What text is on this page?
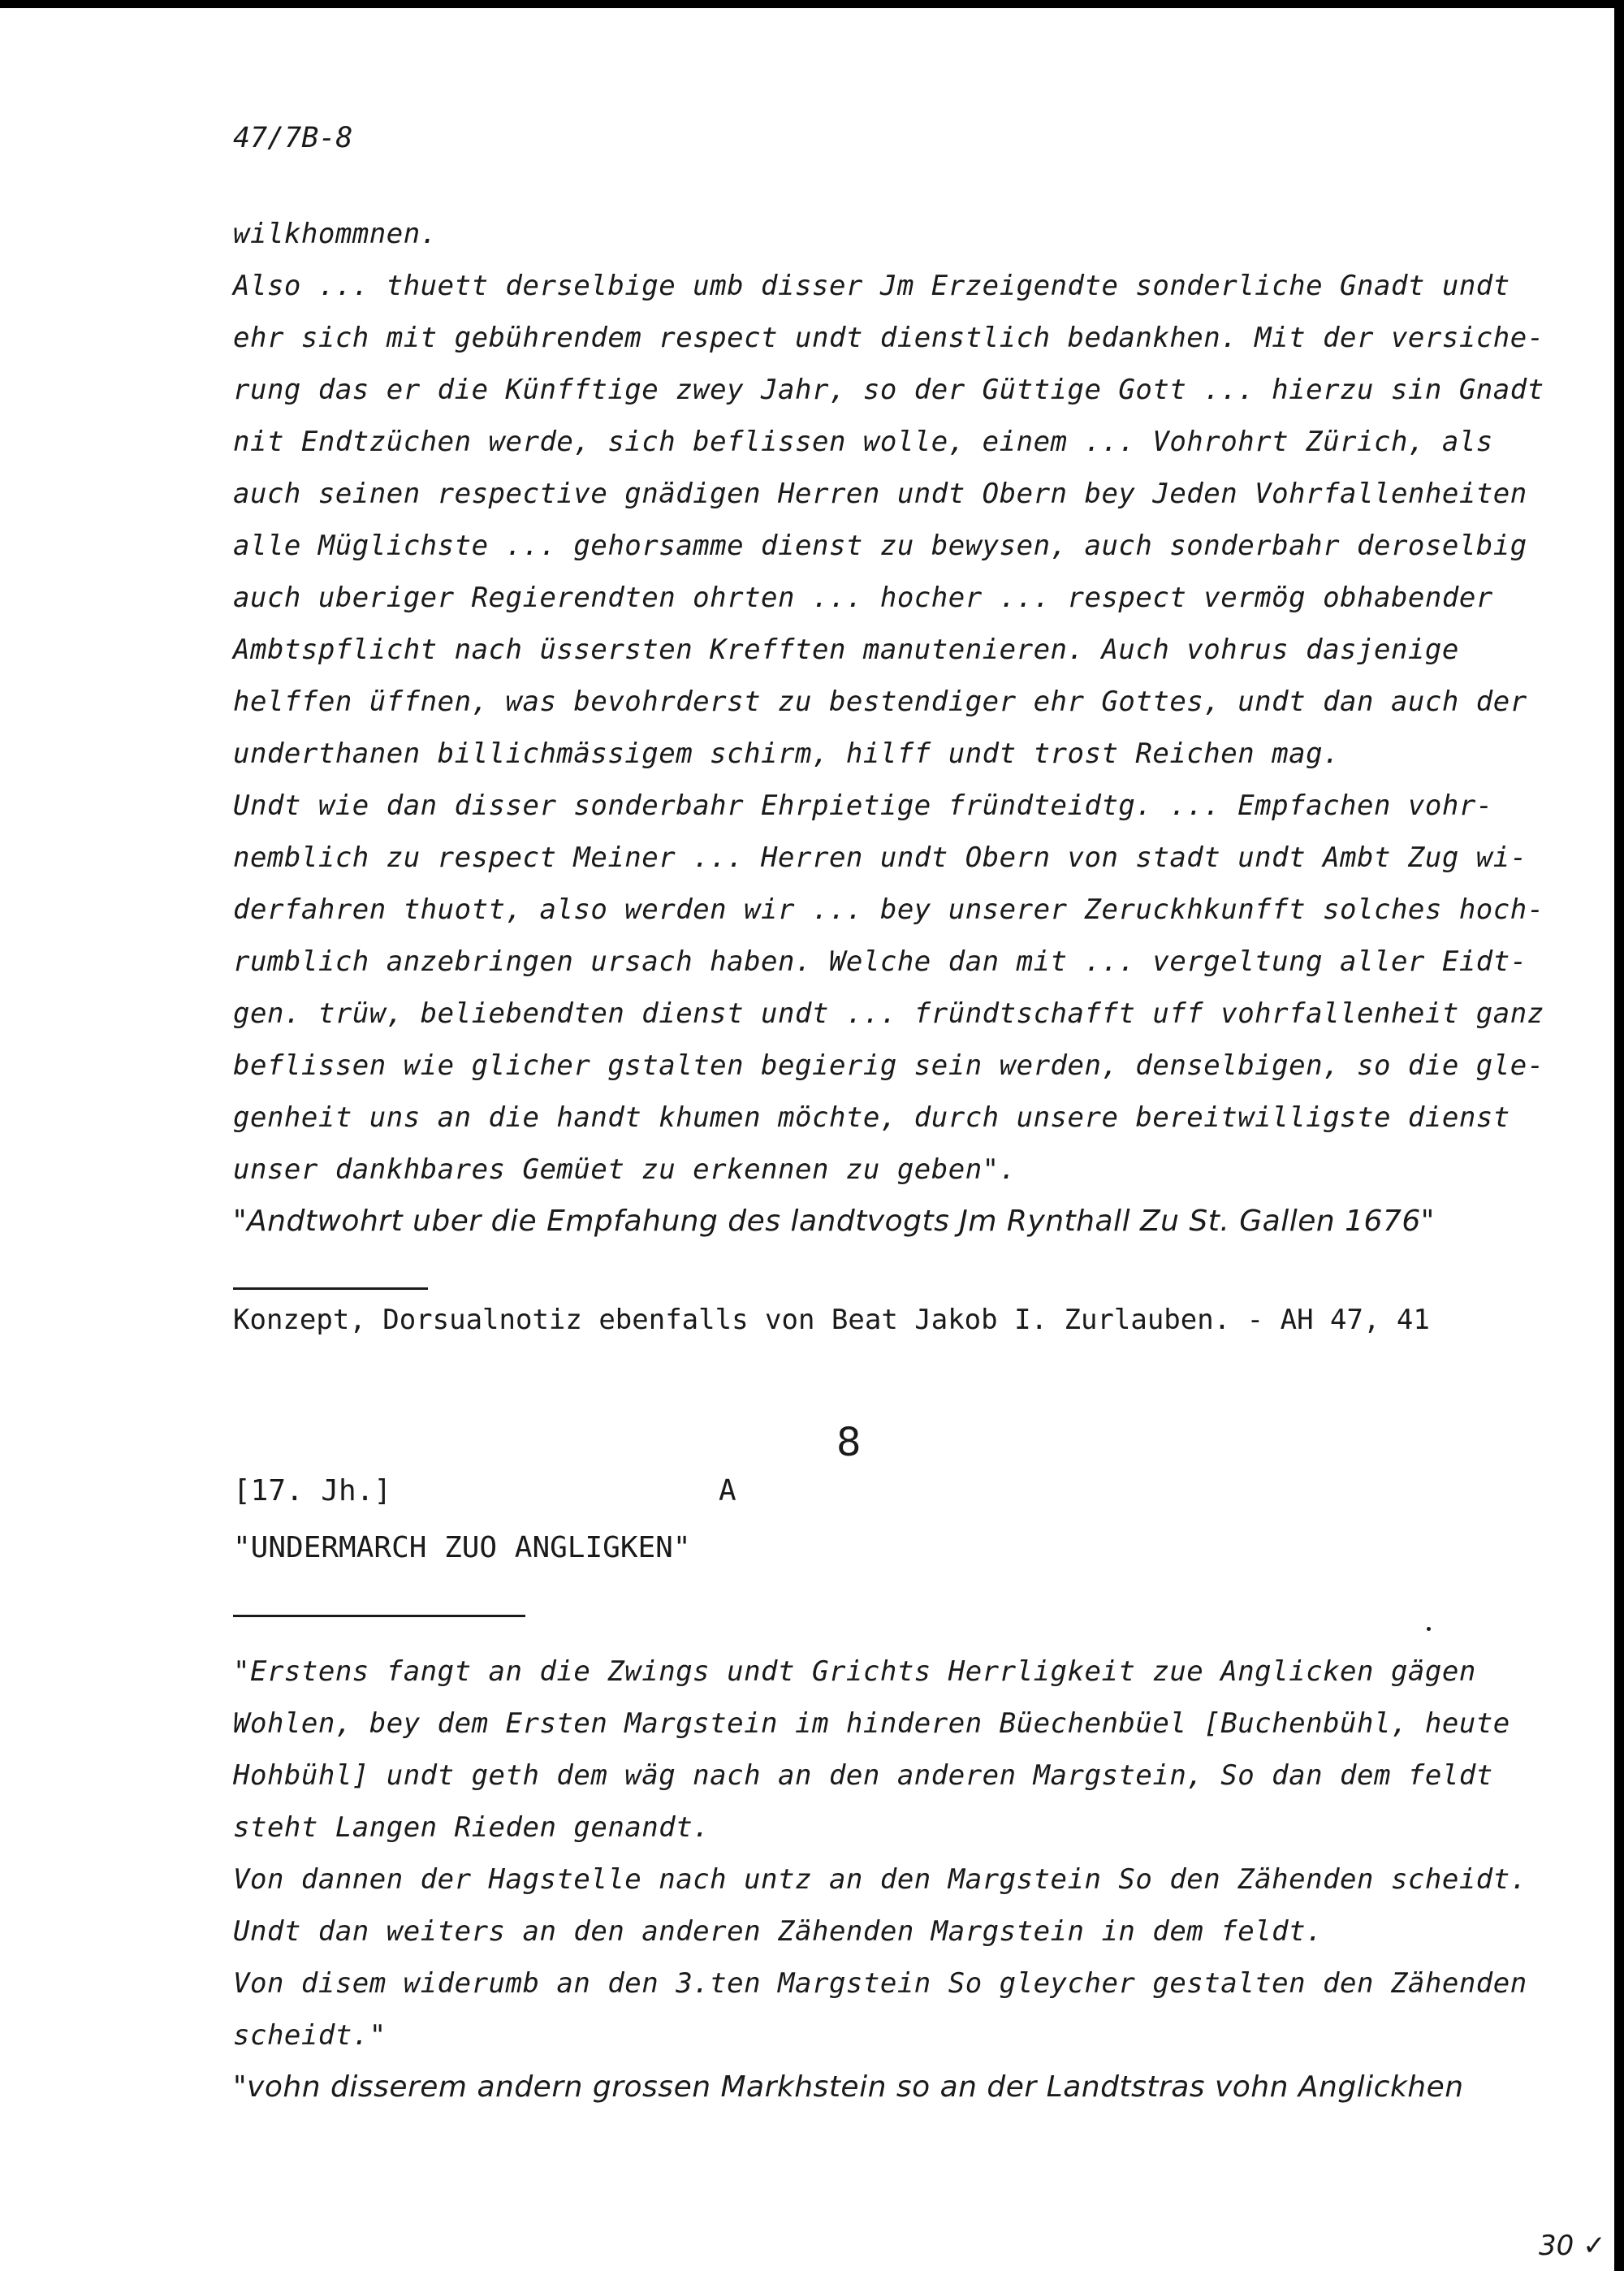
47/7B-8
wilkhommnen.
Also ... thuett derselbige umb disser Jm Erzeigendte sonderliche Gnadt undt
ehr sich mit gebührendem respect undt dienstlich bedankhen. Mit der versiche-
rung das er die Künfftige zwey Jahr, so der Güttige Gott ... hierzu sin Gnadt
nit Endtzüchen werde, sich beflissen wolle, einem ... Vohrohrt Zürich, als
auch seinen respective gnädigen Herren undt Obern bey Jeden Vohrfallenheiten
alle Müglichste ... gehorsamme dienst zu bewysen, auch sonderbahr deroselbig
auch uberiger Regierendten ohrten ... hocher ... respect vermög obhabender
Ambtspflicht nach üssersten Krefften manutenieren. Auch vohrus dasjenige
helffen üffnen, was bevohrderst zu bestendiger ehr Gottes, undt dan auch der
underthanen billichmässigem schirm, hilff undt trost Reichen mag.
Undt wie dan disser sonderbahr Ehrpietige fründteidtg. ... Empfachen vohr-
nemblich zu respect Meiner ... Herren undt Obern von stadt undt Ambt Zug wi-
derfahren thuott, also werden wir ... bey unserer Zeruckhkunfft solches hoch-
rumblich anzebringen ursach haben. Welche dan mit ... vergeltung aller Eidt-
gen. trüw, beliebendten dienst undt ... fründtschafft uff vohrfallenheit ganz
beflissen wie glicher gstalten begierig sein werden, denselbigen, so die gle-
genheit uns an die handt khumen möchte, durch unsere bereitwilligste dienst
unser dankhbares Gemüet zu erkennen zu geben".
"Andtwohrt uber die Empfahung des landtvogts Jm Rynthall Zu St. Gallen 1676"
Konzept, Dorsualnotiz ebenfalls von Beat Jakob I. Zurlauben. - AH 47, 41
8
[17. Jh.]	A
"UNDERMARCH ZUO ANGLIGKEN"
"Erstens fangt an die Zwings undt Grichts Herrligkeit zue Anglicken gägen
Wohlen, bey dem Ersten Margstein im hinderen Büechenbüel [Buchenbühl, heute
Hohbühl] undt geth dem wäg nach an den anderen Margstein, So dan dem feldt
steht Langen Rieden genandt.
Von dannen der Hagstelle nach untz an den Margstein So den Zähenden scheidt.
Undt dan weiters an den anderen Zähenden Margstein in dem feldt.
Von disem widerumb an den 3.ten Margstein So gleycher gestalten den Zähenden
scheidt."
"vohn disserem andern grossen Markhstein so an der Landtstras vohn Anglickhen
30 ✓
